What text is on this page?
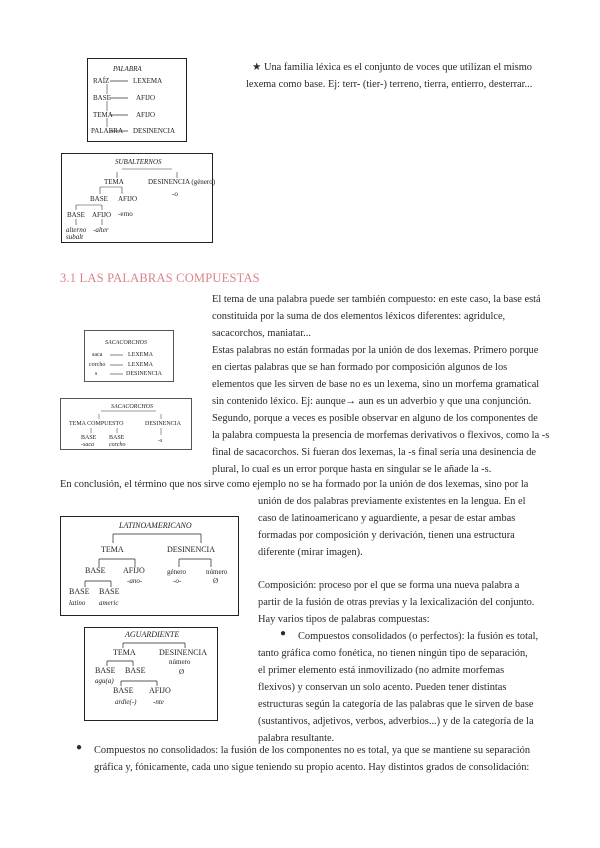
★ Una familia léxica es el conjunto de voces que utilizan el mismo
lexema como base. Ej: terr- (tier-) terreno, tierra, entierro, desterrar...
PALABRA
RAÍZ
BASE
TEMA
PALABRA
LEXEMA
AFIJO
AFIJO
DESINENCIA
SUBALTERNOS
TEMA	DESINENCIA (género)
-o
BASE AFIJO
-erno
BASE AFIJO
alterno
subalt
-alter
3.1 LAS PALABRAS COMPUESTAS
El tema de una palabra puede ser también compuesto: en este caso, la base está
constituida por la suma de dos elementos léxicos diferentes: agridulce,
sacacorchos, maniatar...
Estas palabras no están formadas por la unión de dos lexemas. Primero porque
en ciertas palabras que se han formado por composición algunos de los
elementos que les sirven de base no es un lexema, sino un morfema gramatical
sin contenido léxico. Ej: aunque→ aun es un adverbio y que una conjunción.
Segundo, porque a veces es posible observar en alguno de los componentes de
la palabra compuesta la presencia de morfemas derivativos o flexivos, como la -s
final de sacacorchos. Si fueran dos lexemas, la -s final sería una desinencia de
plural, lo cual es un error porque hasta en singular se le añade la -s.
SACACORCHOS
saca
corcho
s
LEXEMA
LEXEMA
DESINENCIA
SACACORCHOS
TEMA COMPUESTO	DESINENCIA
BASE BASE
-saca	corcho
-s
En conclusión, el término que nos sirve como ejemplo no se ha formado por la unión de dos lexemas, sino por la
unión de dos palabras previamente existentes en la lengua. En el
caso de latinoamericano y aguardiente, a pesar de estar ambas
formadas por composición y derivación, tienen una estructura
diferente (mirar imagen).
LATINOAMERICANO
TEMA	DESINENCIA
BASE AFIJO	género	número
-ano-	-o-	Ø
BASE BASE
latino americ
AGUARDIENTE
TEMA	DESINENCIA
número
Ø
BASE BASE
agu(a)
BASE AFIJO
ardie(-) -nte
Composición: proceso por el que se forma una nueva palabra a
partir de la fusión de otras previas y la lexicalización del conjunto.
Hay varios tipos de palabras compuestas:
●	Compuestos consolidados (o perfectos): la fusión es total,
tanto gráfica como fonética, no tienen ningún tipo de separación,
el primer elemento está inmovilizado (no admite morfemas
flexivos) y conservan un solo acento. Pueden tener distintas
estructuras según la categoría de las palabras que le sirven de base
(sustantivos, adjetivos, verbos, adverbios...) y de la categoría de la
palabra resultante.
● Compuestos no consolidados: la fusión de los componentes no es total, ya que se mantiene su separación
gráfica y, fónicamente, cada uno sigue teniendo su propio acento. Hay distintos grados de consolidación:
